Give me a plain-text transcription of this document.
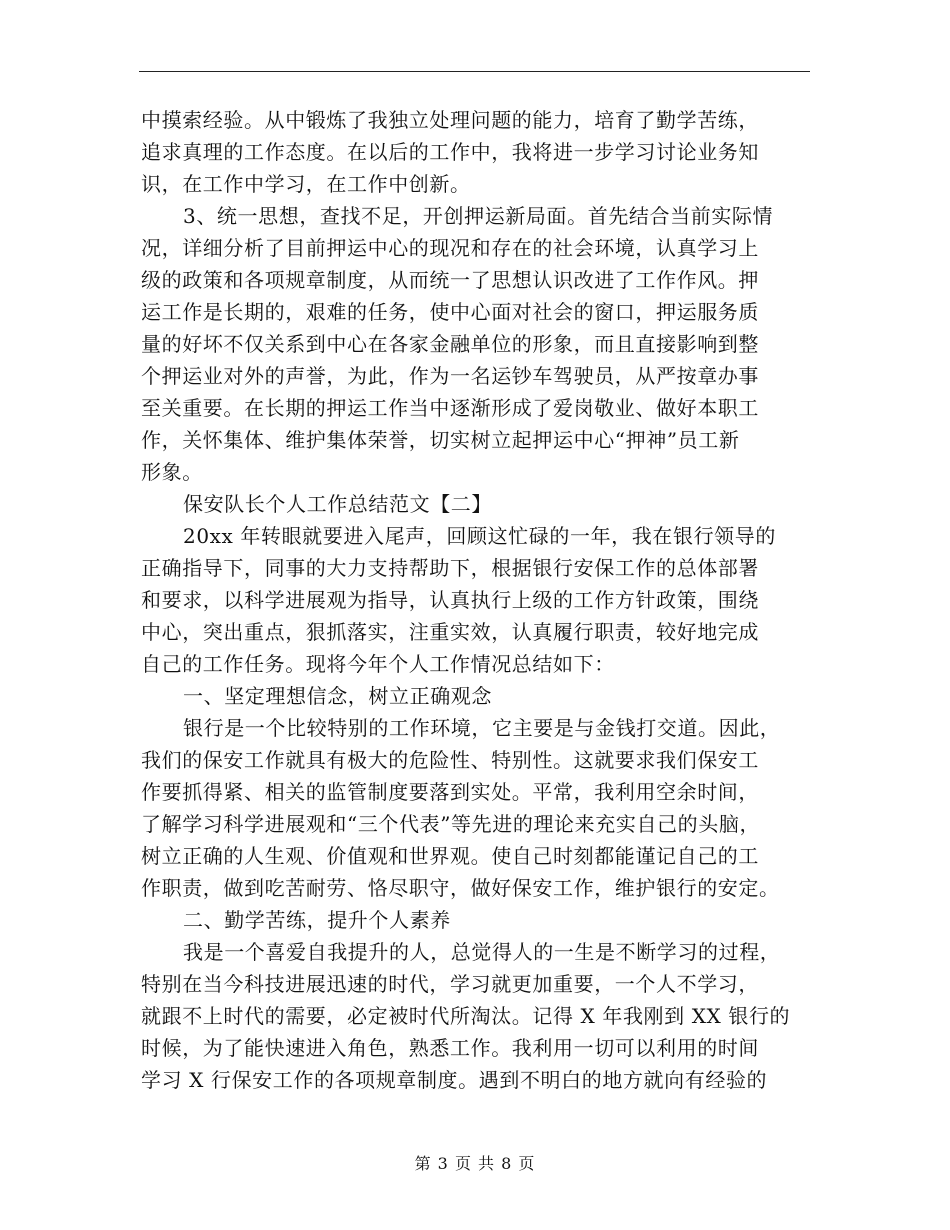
中摸索经验。从中锻炼了我独立处理问题的能力，培育了勤学苦练，
追求真理的工作态度。在以后的工作中，我将进一步学习讨论业务知
识，在工作中学习，在工作中创新。
3、统一思想，查找不足，开创押运新局面。首先结合当前实际情
况，详细分析了目前押运中心的现况和存在的社会环境，认真学习上
级的政策和各项规章制度，从而统一了思想认识改进了工作作风。押
运工作是长期的，艰难的任务，使中心面对社会的窗口，押运服务质
量的好坏不仅关系到中心在各家金融单位的形象，而且直接影响到整
个押运业对外的声誉，为此，作为一名运钞车驾驶员，从严按章办事
至关重要。在长期的押运工作当中逐渐形成了爱岗敬业、做好本职工
作，关怀集体、维护集体荣誉，切实树立起押运中心“押神”员工新
形象。
保安队长个人工作总结范文【二】
20xx 年转眼就要进入尾声，回顾这忙碌的一年，我在银行领导的
正确指导下，同事的大力支持帮助下，根据银行安保工作的总体部署
和要求，以科学进展观为指导，认真执行上级的工作方针政策，围绕
中心，突出重点，狠抓落实，注重实效，认真履行职责，较好地完成
自己的工作任务。现将今年个人工作情况总结如下：
一、坚定理想信念，树立正确观念
银行是一个比较特别的工作环境，它主要是与金钱打交道。因此，
我们的保安工作就具有极大的危险性、特别性。这就要求我们保安工
作要抓得紧、相关的监管制度要落到实处。平常，我利用空余时间，
了解学习科学进展观和“三个代表”等先进的理论来充实自己的头脑，
树立正确的人生观、价值观和世界观。使自己时刻都能谨记自己的工
作职责，做到吃苦耐劳、恪尽职守，做好保安工作，维护银行的安定。
二、勤学苦练，提升个人素养
我是一个喜爱自我提升的人，总觉得人的一生是不断学习的过程，
特别在当今科技进展迅速的时代，学习就更加重要，一个人不学习，
就跟不上时代的需要，必定被时代所淘汰。记得 X 年我刚到 XX 银行的
时候，为了能快速进入角色，熟悉工作。我利用一切可以利用的时间
学习 X 行保安工作的各项规章制度。遇到不明白的地方就向有经验的
第 3 页 共 8 页
